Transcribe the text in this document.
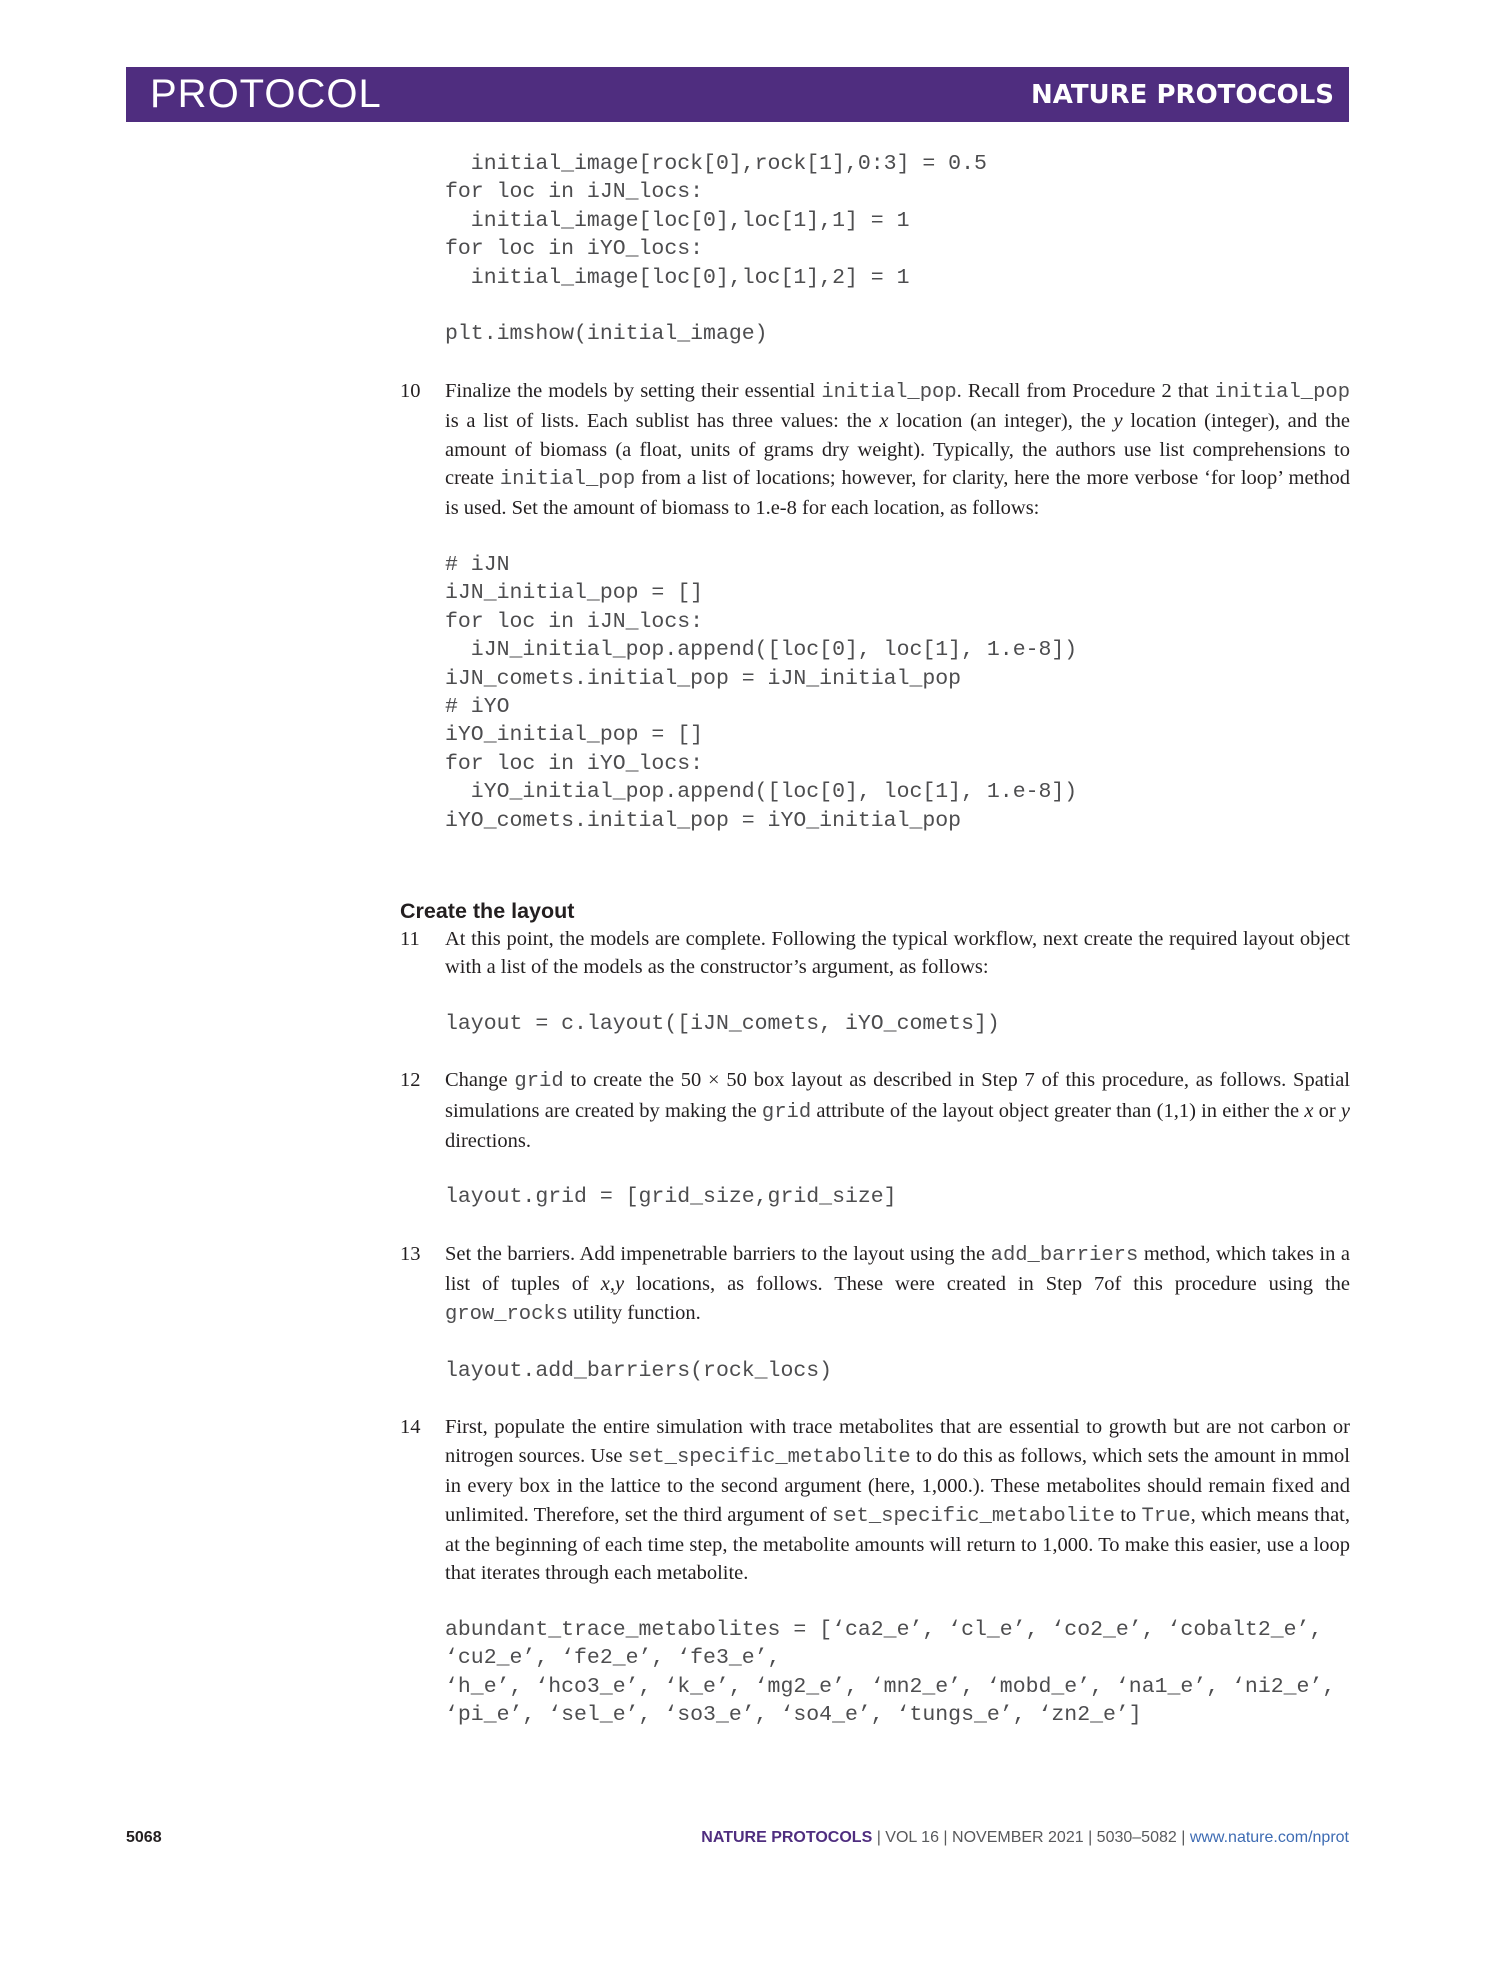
PROTOCOL	NATURE PROTOCOLS
initial_image[rock[0],rock[1],0:3] = 0.5
for loc in iJN_locs:
initial_image[loc[0],loc[1],1] = 1
for loc in iYO_locs:
initial_image[loc[0],loc[1],2] = 1

plt.imshow(initial_image)
10	Finalize the models by setting their essential initial_pop. Recall from Procedure 2 that initial_pop is a list of lists. Each sublist has three values: the x location (an integer), the y location (integer), and the amount of biomass (a float, units of grams dry weight). Typically, the authors use list comprehensions to create initial_pop from a list of locations; however, for clarity, here the more verbose ‘for loop’ method is used. Set the amount of biomass to 1.e-8 for each location, as follows:

# iJN
iJN_initial_pop = []
for loc in iJN_locs:
iJN_initial_pop.append([loc[0], loc[1], 1.e-8])
iJN_comets.initial_pop = iJN_initial_pop
# iYO
iYO_initial_pop = []
for loc in iYO_locs:
iYO_initial_pop.append([loc[0], loc[1], 1.e-8])
iYO_comets.initial_pop = iYO_initial_pop
Create the layout
11	At this point, the models are complete. Following the typical workflow, next create the required layout object with a list of the models as the constructor’s argument, as follows:

layout = c.layout([iJN_comets, iYO_comets])
12	Change grid to create the 50 × 50 box layout as described in Step 7 of this procedure, as follows. Spatial simulations are created by making the grid attribute of the layout object greater than (1,1) in either the x or y directions.

layout.grid = [grid_size,grid_size]
13	Set the barriers. Add impenetrable barriers to the layout using the add_barriers method, which takes in a list of tuples of x,y locations, as follows. These were created in Step 7of this procedure using the grow_rocks utility function.

layout.add_barriers(rock_locs)
14	First, populate the entire simulation with trace metabolites that are essential to growth but are not carbon or nitrogen sources. Use set_specific_metabolite to do this as follows, which sets the amount in mmol in every box in the lattice to the second argument (here, 1,000.). These metabolites should remain fixed and unlimited. Therefore, set the third argument of set_specific_metabolite to True, which means that, at the beginning of each time step, the metabolite amounts will return to 1,000. To make this easier, use a loop that iterates through each metabolite.

abundant_trace_metabolites = [‘ca2_e’, ‘cl_e’, ‘co2_e’, ‘cobalt2_e’,
‘cu2_e’, ‘fe2_e’, ‘fe3_e’,
‘h_e’, ‘hco3_e’, ‘k_e’, ‘mg2_e’, ‘mn2_e’, ‘mobd_e’, ‘na1_e’, ‘ni2_e’,
‘pi_e’, ‘sel_e’, ‘so3_e’, ‘so4_e’, ‘tungs_e’, ‘zn2_e’]
5068	NATURE PROTOCOLS | VOL 16 | NOVEMBER 2021 | 5030–5082 | www.nature.com/nprot
